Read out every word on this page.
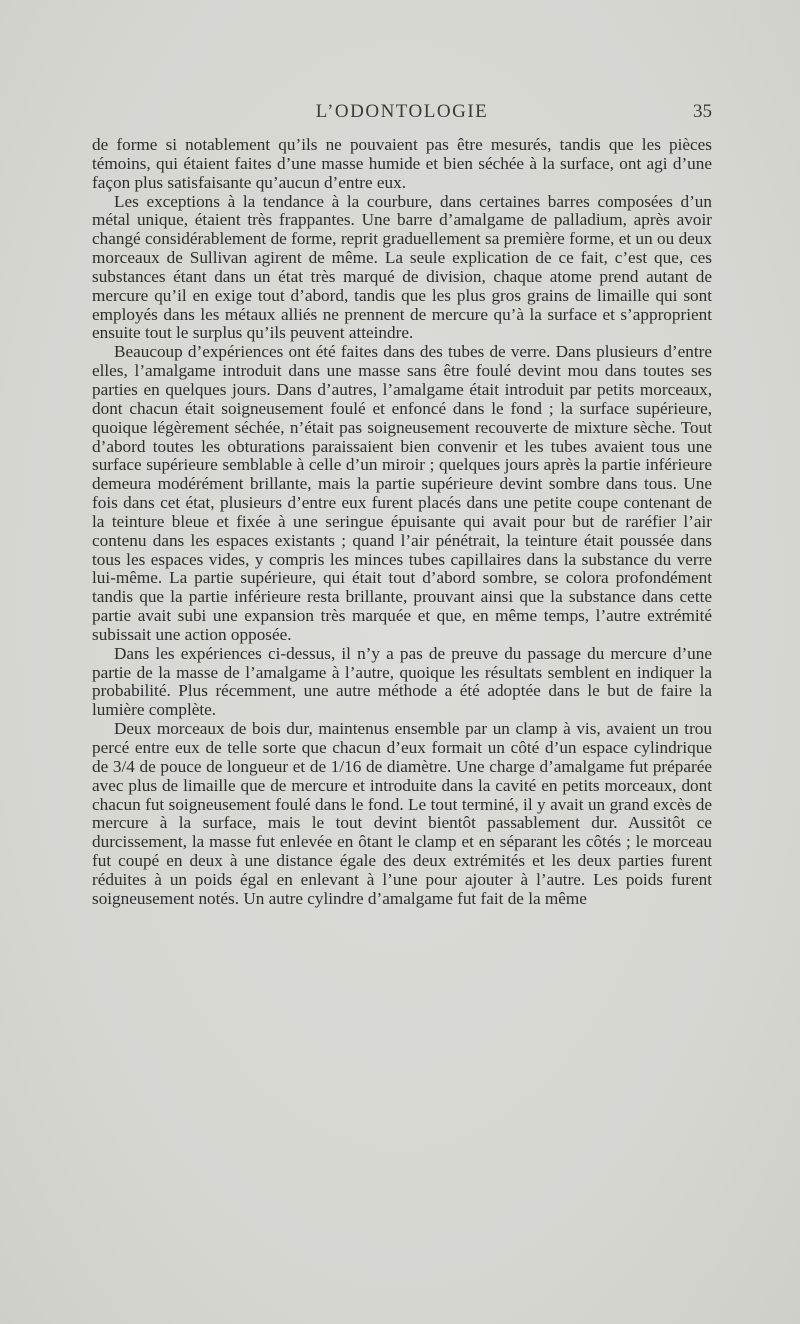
L’ODONTOLOGIE	35

de forme si notablement qu’ils ne pouvaient pas être mesurés, tandis que les pièces témoins, qui étaient faites d’une masse humide et bien séchée à la surface, ont agi d’une façon plus satisfaisante qu’aucun d’entre eux.

Les exceptions à la tendance à la courbure, dans certaines barres composées d’un métal unique, étaient très frappantes. Une barre d’amalgame de palladium, après avoir changé considérablement de forme, reprit graduellement sa première forme, et un ou deux morceaux de Sullivan agirent de même. La seule explication de ce fait, c’est que, ces substances étant dans un état très marqué de division, chaque atome prend autant de mercure qu’il en exige tout d’abord, tandis que les plus gros grains de limaille qui sont employés dans les métaux alliés ne prennent de mercure qu’à la surface et s’approprient ensuite tout le surplus qu’ils peuvent atteindre.

Beaucoup d’expériences ont été faites dans des tubes de verre. Dans plusieurs d’entre elles, l’amalgame introduit dans une masse sans être foulé devint mou dans toutes ses parties en quelques jours. Dans d’autres, l’amalgame était introduit par petits morceaux, dont chacun était soigneusement foulé et enfoncé dans le fond ; la surface supérieure, quoique légèrement séchée, n’était pas soigneusement recouverte de mixture sèche. Tout d’abord toutes les obturations paraissaient bien convenir et les tubes avaient tous une surface supérieure semblable à celle d’un miroir ; quelques jours après la partie inférieure demeura modérément brillante, mais la partie supérieure devint sombre dans tous. Une fois dans cet état, plusieurs d’entre eux furent placés dans une petite coupe contenant de la teinture bleue et fixée à une seringue épuisante qui avait pour but de raréfier l’air contenu dans les espaces existants ; quand l’air pénétrait, la teinture était poussée dans tous les espaces vides, y compris les minces tubes capillaires dans la substance du verre lui-même. La partie supérieure, qui était tout d’abord sombre, se colora profondément tandis que la partie inférieure resta brillante, prouvant ainsi que la substance dans cette partie avait subi une expansion très marquée et que, en même temps, l’autre extrémité subissait une action opposée.

Dans les expériences ci-dessus, il n’y a pas de preuve du passage du mercure d’une partie de la masse de l’amalgame à l’autre, quoique les résultats semblent en indiquer la probabilité. Plus récemment, une autre méthode a été adoptée dans le but de faire la lumière complète.

Deux morceaux de bois dur, maintenus ensemble par un clamp à vis, avaient un trou percé entre eux de telle sorte que chacun d’eux formait un côté d’un espace cylindrique de 3/4 de pouce de longueur et de 1/16 de diamètre. Une charge d’amalgame fut préparée avec plus de limaille que de mercure et introduite dans la cavité en petits morceaux, dont chacun fut soigneusement foulé dans le fond. Le tout terminé, il y avait un grand excès de mercure à la surface, mais le tout devint bientôt passablement dur. Aussitôt ce durcissement, la masse fut enlevée en ôtant le clamp et en séparant les côtés ; le morceau fut coupé en deux à une distance égale des deux extrémités et les deux parties furent réduites à un poids égal en enlevant à l’une pour ajouter à l’autre. Les poids furent soigneusement notés. Un autre cylindre d’amalgame fut fait de la même
